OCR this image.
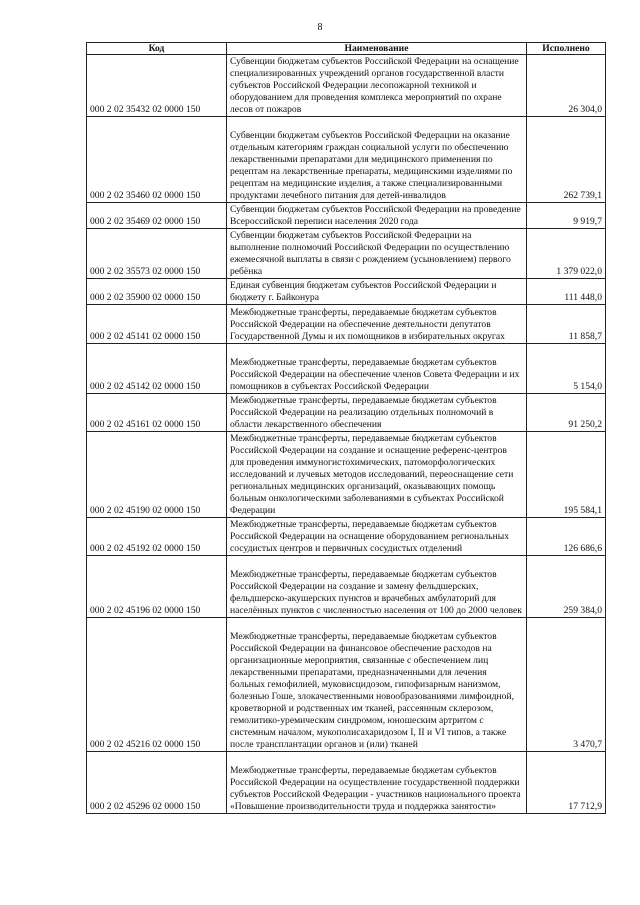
8
Код	Наименование	Исполнено
000 2 02 35432 02 0000 150	Субвенции бюджетам субъектов Российской Федерации на оснащение специализированных учреждений органов государственной власти субъектов Российской Федерации лесопожарной техникой и оборудованием для проведения комплекса мероприятий по охране лесов от пожаров	26 304,0
000 2 02 35460 02 0000 150	Субвенции бюджетам субъектов Российской Федерации на оказание отдельным категориям граждан социальной услуги по обеспечению лекарственными препаратами для медицинского применения по рецептам на лекарственные препараты, медицинскими изделиями по рецептам на медицинские изделия, а также специализированными продуктами лечебного питания для детей-инвалидов	262 739,1
000 2 02 35469 02 0000 150	Субвенции бюджетам субъектов Российской Федерации на проведение Всероссийской переписи населения 2020 года	9 919,7
000 2 02 35573 02 0000 150	Субвенции бюджетам субъектов Российской Федерации на выполнение полномочий Российской Федерации по осуществлению ежемесячной выплаты в связи с рождением (усыновлением) первого ребёнка	1 379 022,0
000 2 02 35900 02 0000 150	Единая субвенция бюджетам субъектов Российской Федерации и бюджету г. Байконура	111 448,0
000 2 02 45141 02 0000 150	Межбюджетные трансферты, передаваемые бюджетам субъектов Российской Федерации на обеспечение деятельности депутатов Государственной Думы и их помощников в избирательных округах	11 858,7
000 2 02 45142 02 0000 150	Межбюджетные трансферты, передаваемые бюджетам субъектов Российской Федерации на обеспечение членов Совета Федерации и их помощников в субъектах Российской Федерации	5 154,0
000 2 02 45161 02 0000 150	Межбюджетные трансферты, передаваемые бюджетам субъектов Российской Федерации на реализацию отдельных полномочий в области лекарственного обеспечения	91 250,2
000 2 02 45190 02 0000 150	Межбюджетные трансферты, передаваемые бюджетам субъектов Российской Федерации на создание и оснащение референс-центров для проведения иммуногистохимических, патоморфологических исследований и лучевых методов исследований, переоснащение сети региональных медицинских организаций, оказывающих помощь больным онкологическими заболеваниями в субъектах Российской Федерации	195 584,1
000 2 02 45192 02 0000 150	Межбюджетные трансферты, передаваемые бюджетам субъектов Российской Федерации на оснащение оборудованием региональных сосудистых центров и первичных сосудистых отделений	126 686,6
000 2 02 45196 02 0000 150	Межбюджетные трансферты, передаваемые бюджетам субъектов Российской Федерации на создание и замену фельдшерских, фельдшерско-акушерских пунктов и врачебных амбулаторий для населённых пунктов с численностью населения от 100 до 2000 человек	259 384,0
000 2 02 45216 02 0000 150	Межбюджетные трансферты, передаваемые бюджетам субъектов Российской Федерации на финансовое обеспечение расходов на организационные мероприятия, связанные с обеспечением лиц лекарственными препаратами, предназначенными для лечения больных гемофилией, муковисцидозом, гипофизарным нанизмом, болезнью Гоше, злокачественными новообразованиями лимфоидной, кроветворной и родственных им тканей, рассеянным склерозом, гемолитико-уремическим синдромом, юношеским артритом с системным началом, мукополисахаридозом I, II и VI типов, а также после трансплантации органов и (или) тканей	3 470,7
000 2 02 45296 02 0000 150	Межбюджетные трансферты, передаваемые бюджетам субъектов Российской Федерации на осуществление государственной поддержки субъектов Российской Федерации - участников национального проекта «Повышение производительности труда и поддержка занятости»	17 712,9
